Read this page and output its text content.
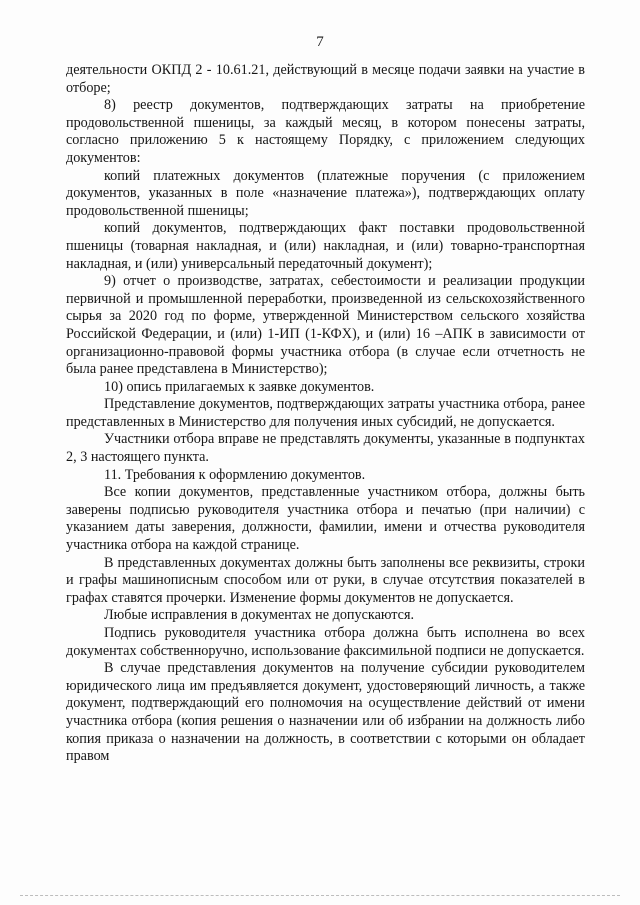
7

деятельности ОКПД 2 - 10.61.21, действующий в месяце подачи заявки на участие в отборе;

8) реестр документов, подтверждающих затраты на приобретение продовольственной пшеницы, за каждый месяц, в котором понесены затраты, согласно приложению 5 к настоящему Порядку, с приложением следующих документов:

копий платежных документов (платежные поручения (с приложением документов, указанных в поле «назначение платежа»), подтверждающих оплату продовольственной пшеницы;

копий документов, подтверждающих факт поставки продовольственной пшеницы (товарная накладная, и (или) накладная, и (или) товарно-транспортная накладная, и (или) универсальный передаточный документ);

9) отчет о производстве, затратах, себестоимости и реализации продукции первичной и промышленной переработки, произведенной из сельскохозяйственного сырья за 2020 год по форме, утвержденной Министерством сельского хозяйства Российской Федерации, и (или) 1-ИП (1-КФХ), и (или) 16 –АПК в зависимости от организационно-правовой формы участника отбора (в случае если отчетность не была ранее представлена в Министерство);

10) опись прилагаемых к заявке документов.

Представление документов, подтверждающих затраты участника отбора, ранее представленных в Министерство для получения иных субсидий, не допускается.

Участники отбора вправе не представлять документы, указанные в подпунктах 2, 3 настоящего пункта.

11. Требования к оформлению документов.

Все копии документов, представленные участником отбора, должны быть заверены подписью руководителя участника отбора и печатью (при наличии) с указанием даты заверения, должности, фамилии, имени и отчества руководителя участника отбора на каждой странице.

В представленных документах должны быть заполнены все реквизиты, строки и графы машинописным способом или от руки, в случае отсутствия показателей в графах ставятся прочерки. Изменение формы документов не допускается.

Любые исправления в документах не допускаются.

Подпись руководителя участника отбора должна быть исполнена во всех документах собственноручно, использование факсимильной подписи не допускается.

В случае представления документов на получение субсидии руководителем юридического лица им предъявляется документ, удостоверяющий личность, а также документ, подтверждающий его полномочия на осуществление действий от имени участника отбора (копия решения о назначении или об избрании на должность либо копия приказа о назначении на должность, в соответствии с которыми он обладает правом
